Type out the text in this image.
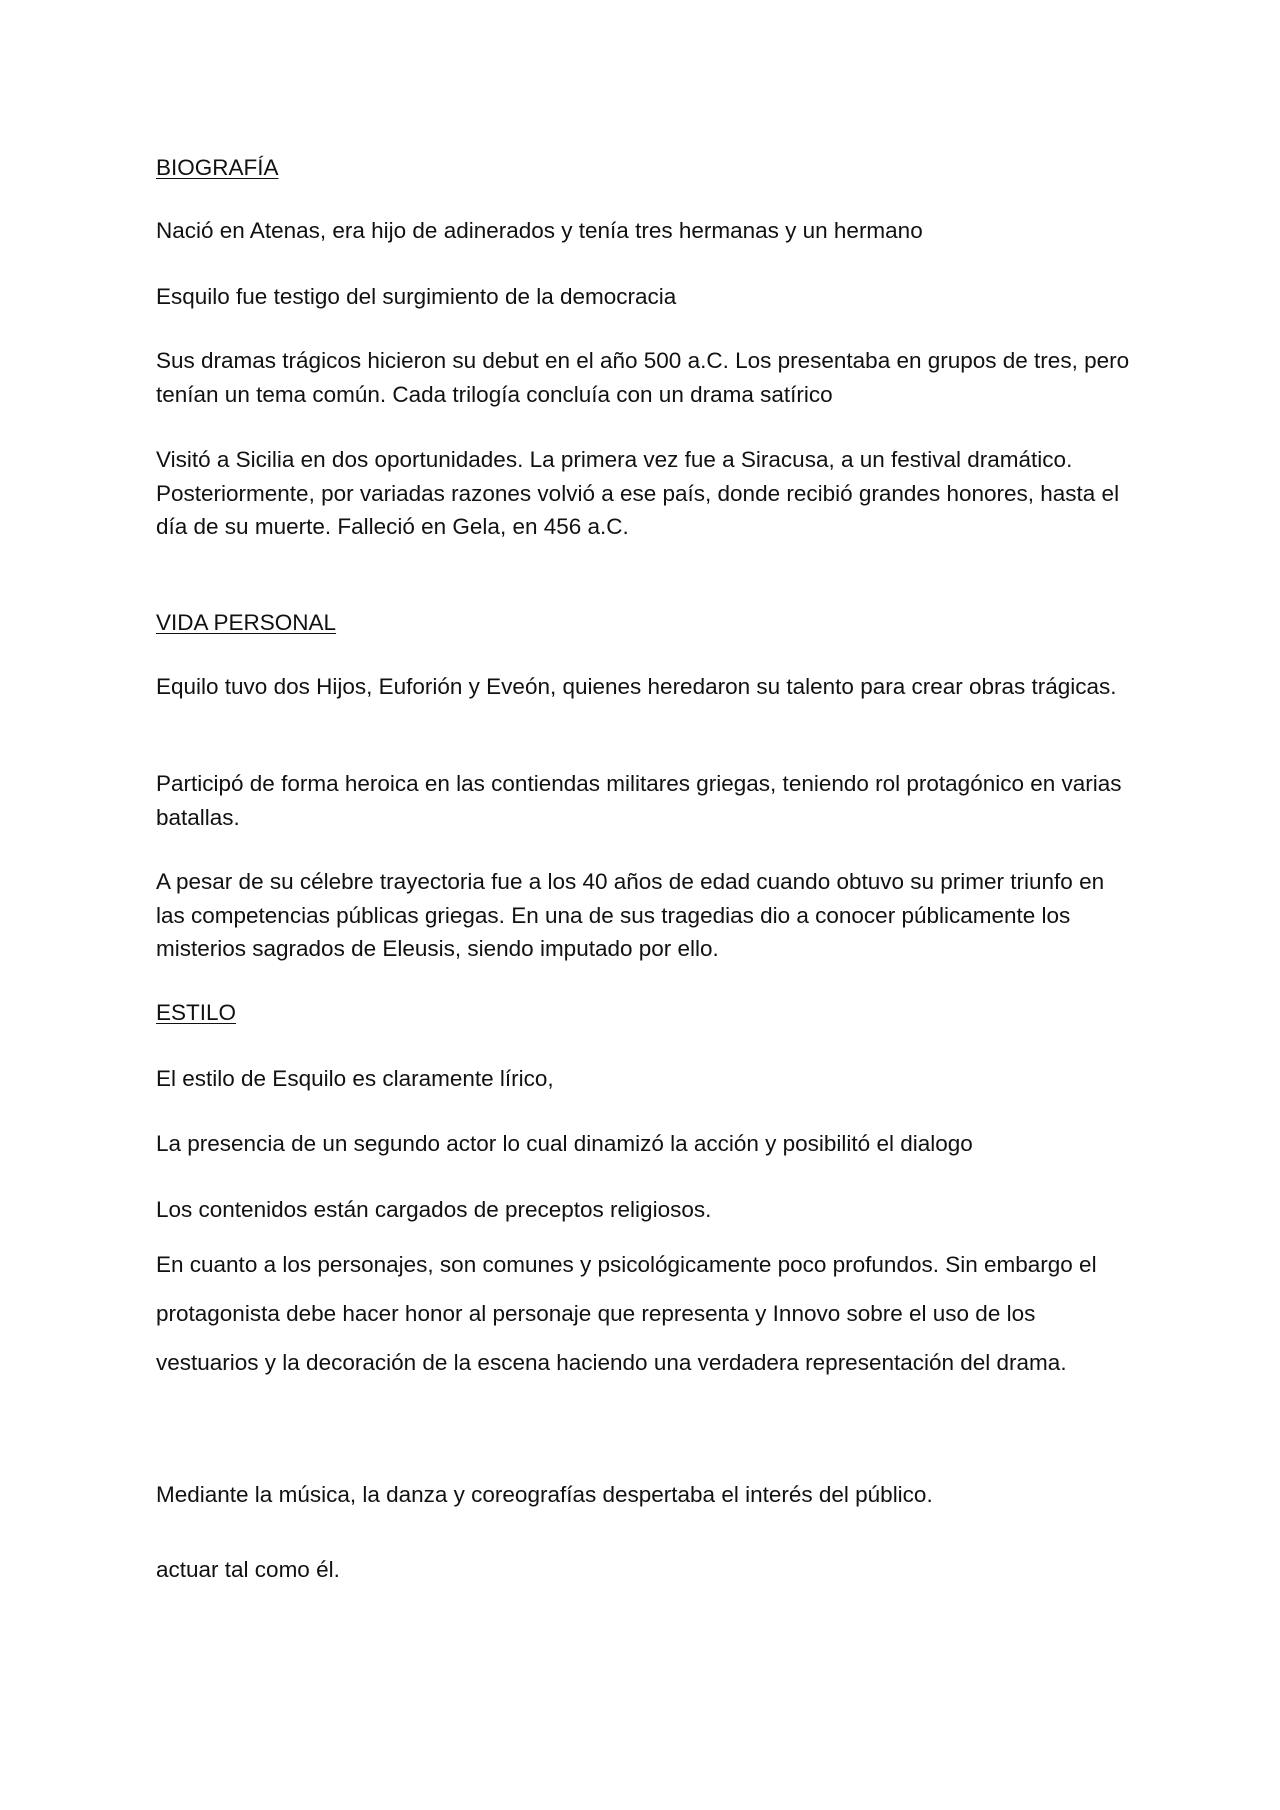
BIOGRAFÍA

Nació en Atenas, era hijo de adinerados y tenía tres hermanas y un hermano

Esquilo fue testigo del surgimiento de la democracia

Sus dramas trágicos hicieron su debut en el año 500 a.C. Los presentaba en grupos de tres, pero tenían un tema común. Cada trilogía concluía con un drama satírico

Visitó a Sicilia en dos oportunidades. La primera vez fue a Siracusa, a un festival dramático. Posteriormente, por variadas razones volvió a ese país, donde recibió grandes honores, hasta el día de su muerte. Falleció en Gela, en 456 a.C.

VIDA PERSONAL

Equilo tuvo dos Hijos, Euforión y Eveón, quienes heredaron su talento para crear obras trágicas.

Participó de forma heroica en las contiendas militares griegas, teniendo rol protagónico en varias batallas.

A pesar de su célebre trayectoria fue a los 40 años de edad cuando obtuvo su primer triunfo en las competencias públicas griegas. En una de sus tragedias dio a conocer públicamente los misterios sagrados de Eleusis, siendo imputado por ello.

ESTILO

El estilo de Esquilo es claramente lírico,

La presencia de un segundo actor lo cual dinamizó la acción y posibilitó el dialogo

Los contenidos están cargados de preceptos religiosos.

En cuanto a los personajes, son comunes y psicológicamente poco profundos. Sin embargo el protagonista debe hacer honor al personaje que representa y Innovo sobre el uso de los vestuarios y la decoración de la escena haciendo una verdadera representación del drama.

Mediante la música, la danza y coreografías despertaba el interés del público.

actuar tal como él.
